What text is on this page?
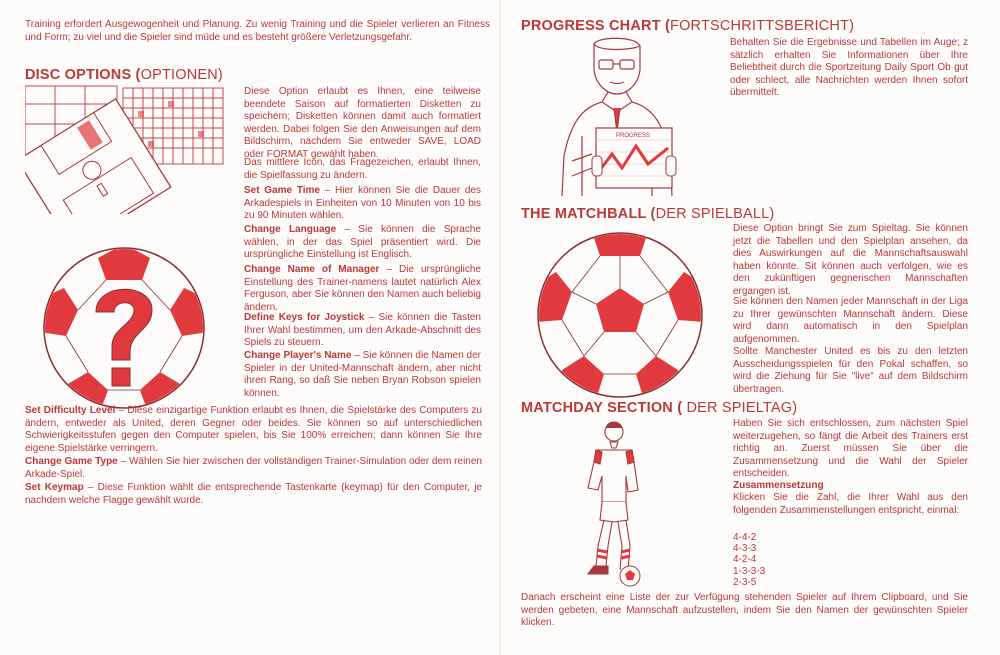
Training erfordert Ausgewogenheit und Planung. Zu wenig Training und die Spieler verlieren an Fitness und Form; zu viel und die Spieler sind müde und es besteht größere Verletzungsgefahr.

DISC OPTIONS (OPTIONEN)

Diese Option erlaubt es Ihnen, eine teilweise beendete Saison auf formatierten Disketten zu speichern; Disketten können damit auch formatiert werden. Dabei folgen Sie den Anweisungen auf dem Bildschirm, nachdem Sie entweder SAVE, LOAD oder FORMAT gewählt haben.

Das mittlere Icon, das Fragezeichen, erlaubt Ihnen, die Spielfassung zu ändern.

Set Game Time – Hier können Sie die Dauer des Arkadespiels in Einheiten von 10 Minuten von 10 bis zu 90 Minuten wählen.

Change Language – Sie können die Sprache wählen, in der das Spiel präsentiert wird. Die ursprüngliche Einstellung ist Englisch.

Change Name of Manager – Die ursprüngliche Einstellung des Trainer-namens lautet natürlich Alex Ferguson, aber Sie können den Namen auch beliebig ändern.

Define Keys for Joystick – Sie können die Tasten Ihrer Wahl bestimmen, um den Arkade-Abschnitt des Spiels zu steuern.

Change Player's Name – Sie können die Namen der Spieler in der United-Mannschaft ändern, aber nicht ihren Rang, so daß Sie neben Bryan Robson spielen können.

Set Difficulty Level – Diese einzigartige Funktion erlaubt es Ihnen, die Spielstärke des Computers zu ändern, entweder als United, deren Gegner oder beides. Sie können so auf unterschiedlichen Schwierigkeitsstufen gegen den Computer spielen, bis Sie 100% erreichen; dann können Sie Ihre eigene Spielstärke verringern.

Change Game Type – Wählen Sie hier zwischen der vollständigen Trainer-Simulation oder dem reinen Arkade-Spiel.

Set Keymap – Diese Funktion wählt die entsprechende Tastenkarte (keymap) für den Computer, je nachdem welche Flagge gewählt wurde.

PROGRESS CHART (FORTSCHRITTSBERICHT)
PROGRESS

Behalten Sie die Ergebnisse und Tabellen im Auge; z sätzlich erhalten Sie Informationen über Ihre Beliebtheit durch die Sportzeitung Daily Sport Ob gut oder schlect, alle Nachrichten werden Ihnen sofort übermittelt.

THE MATCHBALL (DER SPIELBALL)

Diese Option bringt Sie zum Spieltag. Sie können jetzt die Tabellen und den Spielplan ansehen, da dies Auswirkungen auf die Mannschaftsauswahl haben könnte. Sit können auch verfolgen, wie es den zukünftigen gegnerischen Mannschaften ergangen ist.

Sie können den Namen jeder Mannschaft in der Liga zu Ihrer gewünschten Mannschaft ändern. Diese wird dann automatisch in den Spielplan aufgenommen.

Sollte Manchester United es bis zu den letzten Ausscheidungsspielen für den Pokal schaffen, so wird die Ziehung für Sie "live" auf dem Bildschirm übertragen.

MATCHDAY SECTION ( DER SPIELTAG)

Haben Sie sich entschlossen, zum nächsten Spiel weiterzugehen, so fängt die Arbeit des Trainers erst richtig an. Zuerst müssen Sie über die Zusammensetzung und die Wahl der Spieler entscheiden.

Zusammensetzung

Klicken Sie die Zahl, die Ihrer Wahl aus den folgenden Zusammenstellungen entspricht, einmal:

4-4-2
4-3-3
4-2-4
1-3-3-3
2-3-5

Danach erscheint eine Liste der zur Verfügung stehenden Spieler auf Ihrem Clipboard, und Sie werden gebeten, eine Mannschaft aufzustellen, indem Sie den Namen der gewünschten Spieler klicken.
